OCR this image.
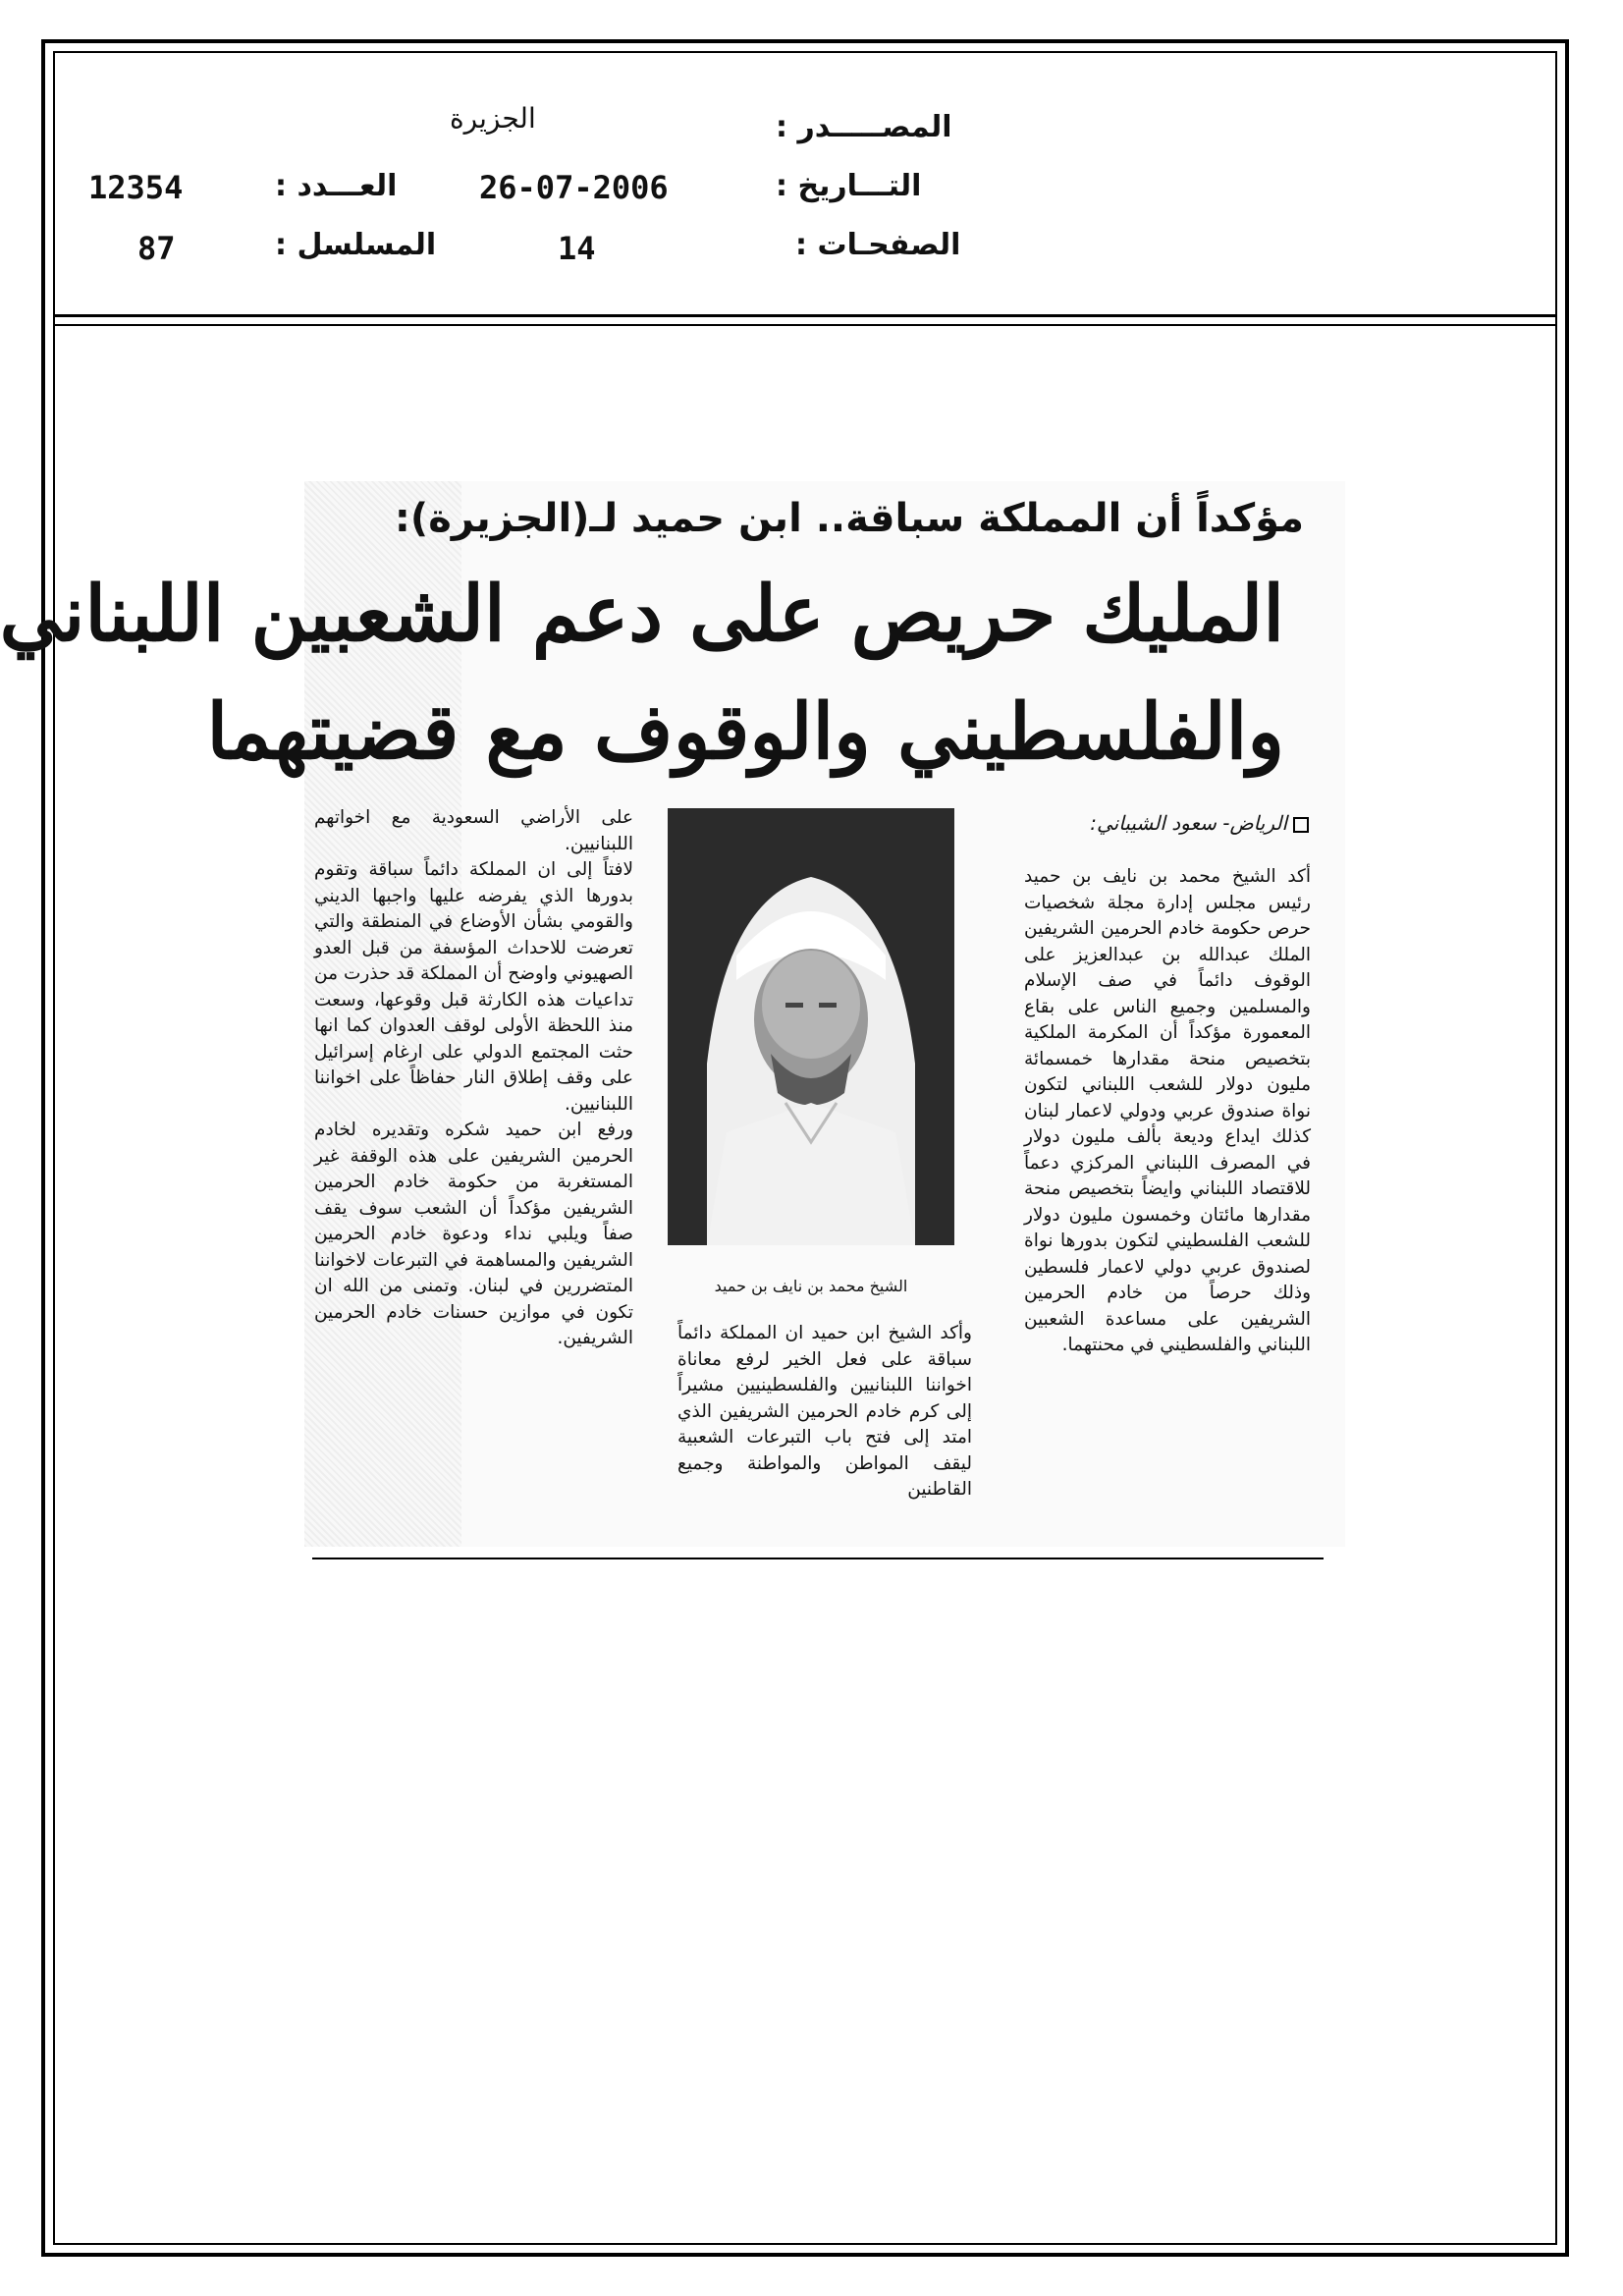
المصـــــدر :
الجزيرة
التـــاريخ :
26-07-2006
العـــدد :
12354
الصفحـات :
14
المسلسل :
87
مؤكداً أن المملكة سباقة.. ابن حميد لـ(الجزيرة):
المليك حريص على دعم الشعبين اللبناني
والفلسطيني والوقوف مع قضيتهما
الرياض- سعود الشيباني:

أكد الشيخ محمد بن نايف بن حميد رئيس مجلس إدارة مجلة شخصيات حرص حكومة خادم الحرمين الشريفين الملك عبدالله بن عبدالعزيز على الوقوف دائماً في صف الإسلام والمسلمين وجميع الناس على بقاع المعمورة مؤكداً أن المكرمة الملكية بتخصيص منحة مقدارها خمسمائة مليون دولار للشعب اللبناني لتكون نواة صندوق عربي ودولي لاعمار لبنان كذلك ايداع وديعة بألف مليون دولار في المصرف اللبناني المركزي دعماً للاقتصاد اللبناني وايضاً بتخصيص منحة مقدارها مائتان وخمسون مليون دولار للشعب الفلسطيني لتكون بدورها نواة لصندوق عربي دولي لاعمار فلسطين وذلك حرصاً من خادم الحرمين الشريفين على مساعدة الشعبين اللبناني والفلسطيني في محنتهما.

الشيخ محمد بن نايف بن حميد

وأكد الشيخ ابن حميد ان المملكة دائماً سباقة على فعل الخير لرفع معاناة اخواننا اللبنانيين والفلسطينيين مشيراً إلى كرم خادم الحرمين الشريفين الذي امتد إلى فتح باب التبرعات الشعبية ليقف المواطن والمواطنة وجميع القاطنين

على الأراضي السعودية مع اخواتهم اللبنانيين.

لافتاً إلى ان المملكة دائماً سباقة وتقوم بدورها الذي يفرضه عليها واجبها الديني والقومي بشأن الأوضاع في المنطقة والتي تعرضت للاحداث المؤسفة من قبل العدو الصهيوني واوضح أن المملكة قد حذرت من تداعيات هذه الكارثة قبل وقوعها، وسعت منذ اللحظة الأولى لوقف العدوان كما انها حثت المجتمع الدولي على ارغام إسرائيل على وقف إطلاق النار حفاظاً على اخواننا اللبنانيين.

ورفع ابن حميد شكره وتقديره لخادم الحرمين الشريفين على هذه الوقفة غير المستغربة من حكومة خادم الحرمين الشريفين مؤكداً أن الشعب سوف يقف صفاً ويلبي نداء ودعوة خادم الحرمين الشريفين والمساهمة في التبرعات لاخواننا المتضررين في لبنان. وتمنى من الله ان تكون في موازين حسنات خادم الحرمين الشريفين.
